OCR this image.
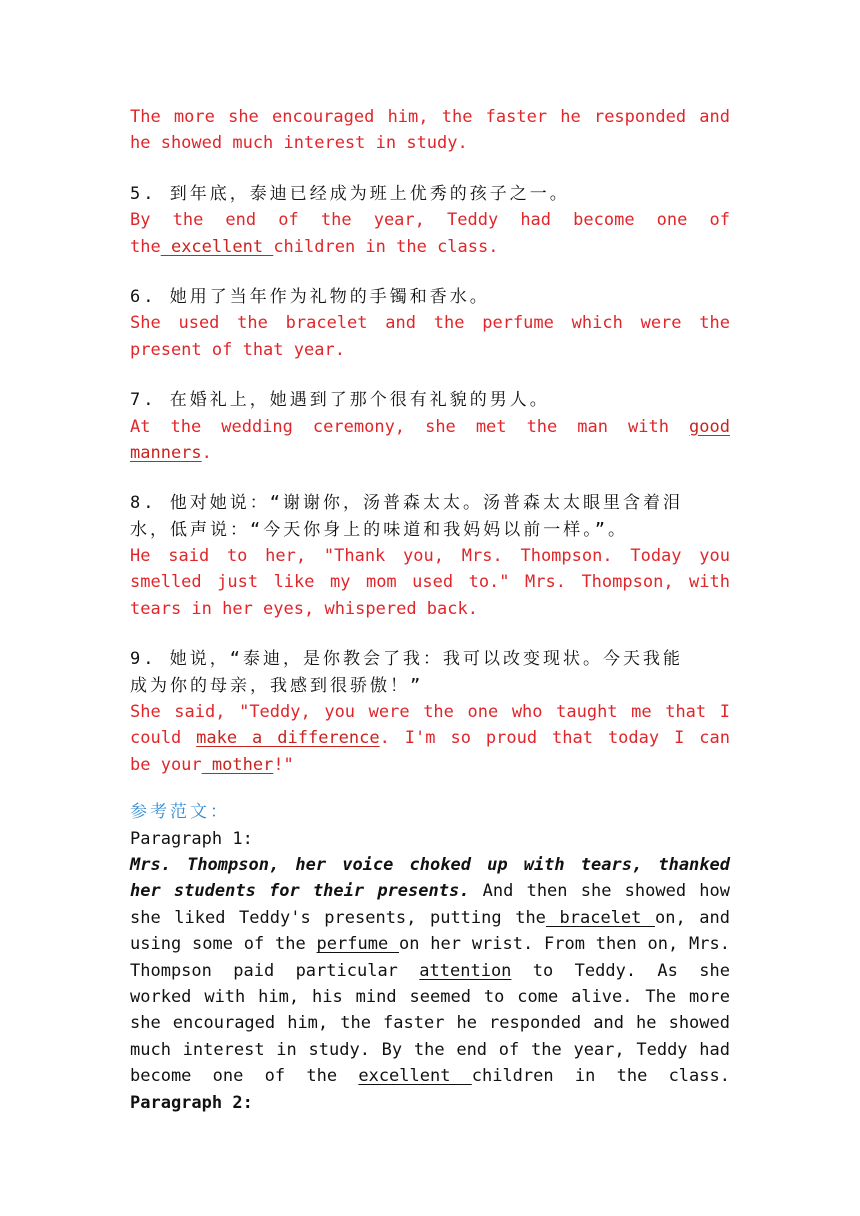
The more she encouraged him, the faster he responded and
he showed much interest in study.
5. 到年底，泰迪已经成为班上优秀的孩子之一。
By the end of the year, Teddy had become one of
the excellent children in the class.
6. 她用了当年作为礼物的手镯和香水。
She used the bracelet and the perfume which were the
present of that year.
7. 在婚礼上，她遇到了那个很有礼貌的男人。
At the wedding ceremony, she met the man with good
manners.
8. 他对她说：“谢谢你，汤普森太太。汤普森太太眼里含着泪
水，低声说：“今天你身上的味道和我妈妈以前一样。”。
He said to her, "Thank you, Mrs. Thompson. Today you
smelled just like my mom used to." Mrs. Thompson, with
tears in her eyes, whispered back.
9. 她说，“泰迪，是你教会了我：我可以改变现状。今天我能
成为你的母亲，我感到很骄傲！”
She said, "Teddy, you were the one who taught me that I
could make a difference. I'm so proud that today I can
be your mother!"
参考范文：
Paragraph 1:
Mrs. Thompson, her voice choked up with tears, thanked
her students for their presents. And then she showed how
she liked Teddy's presents, putting the bracelet on, and
using some of the perfume on her wrist. From then on, Mrs.
Thompson paid particular attention to Teddy. As she
worked with him, his mind seemed to come alive. The more
she encouraged him, the faster he responded and he showed
much interest in study. By the end of the year, Teddy had
become one of the excellent children in the class.
Paragraph 2:
